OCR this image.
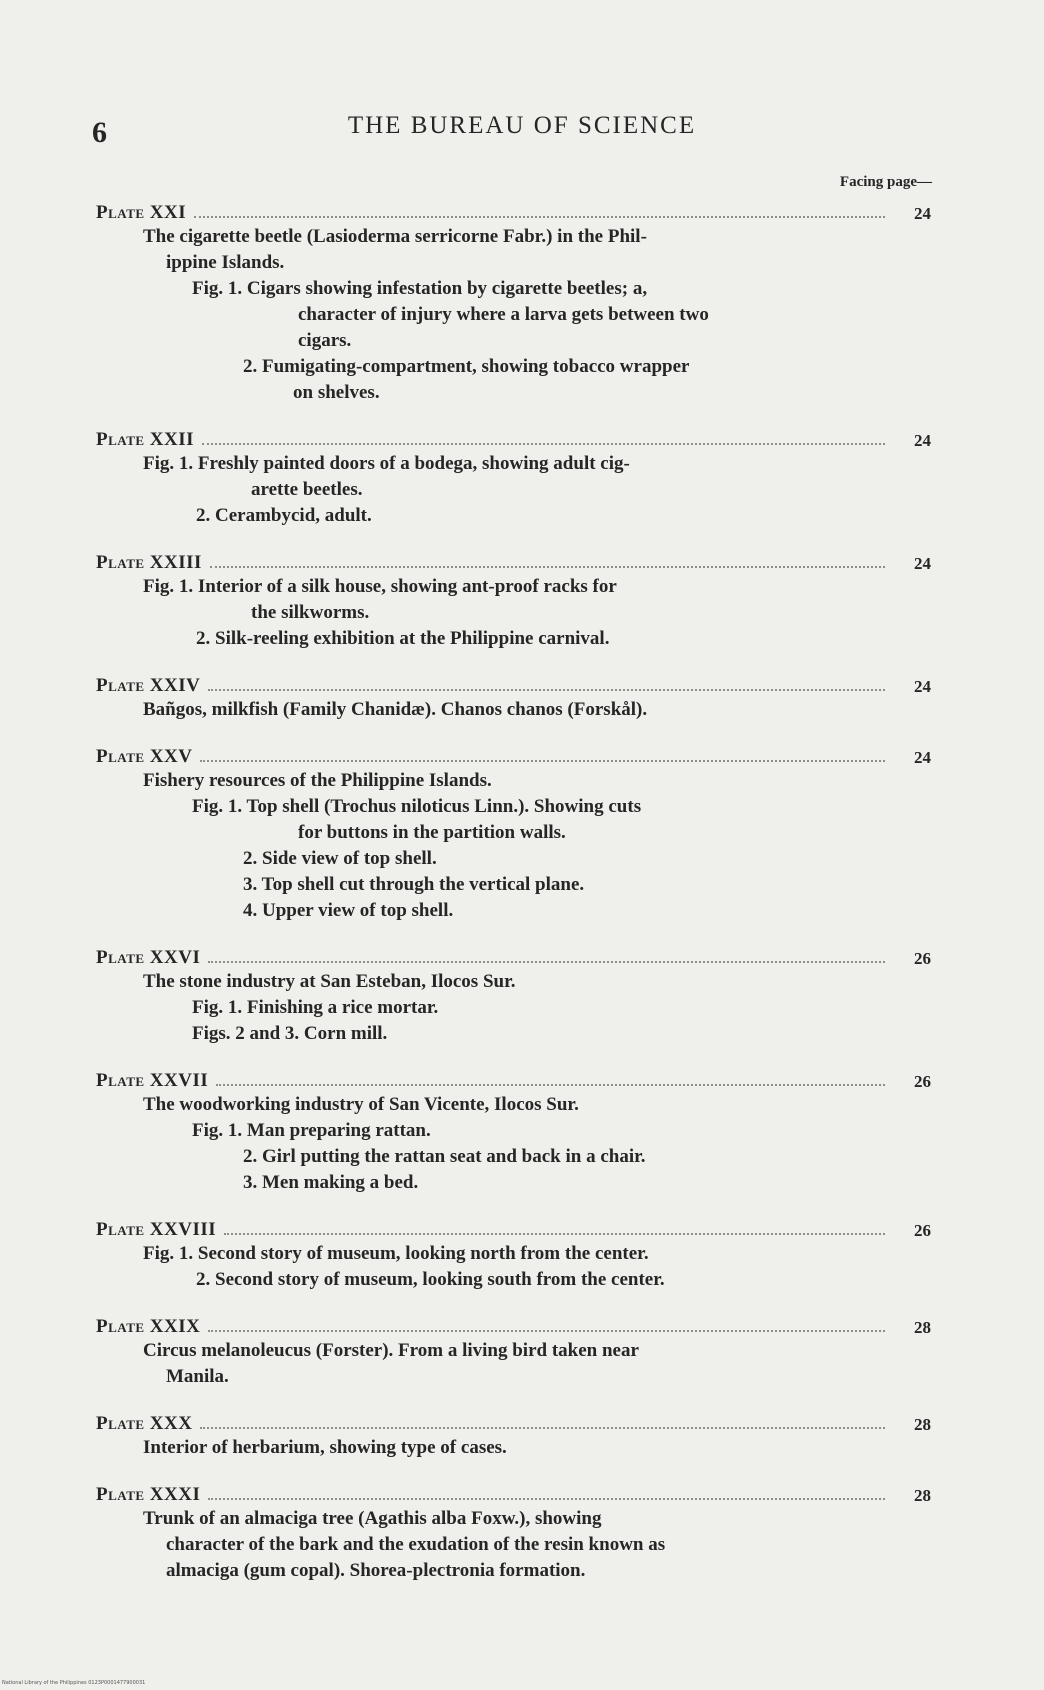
6	THE BUREAU OF SCIENCE
Facing page—
Plate XXI	24
The cigarette beetle (Lasioderma serricorne Fabr.) in the Phil-
ippine Islands.
Fig. 1. Cigars showing infestation by cigarette beetles; a,
character of injury where a larva gets between two
cigars.
2. Fumigating-compartment, showing tobacco wrapper
on shelves.
Plate XXII	24
Fig. 1. Freshly painted doors of a bodega, showing adult cig-
arette beetles.
2. Cerambycid, adult.
Plate XXIII	24
Fig. 1. Interior of a silk house, showing ant-proof racks for
the silkworms.
2. Silk-reeling exhibition at the Philippine carnival.
Plate XXIV	24
Bañgos, milkfish (Family Chanidæ). Chanos chanos (Forskål).
Plate XXV	24
Fishery resources of the Philippine Islands.
Fig. 1. Top shell (Trochus niloticus Linn.). Showing cuts
for buttons in the partition walls.
2. Side view of top shell.
3. Top shell cut through the vertical plane.
4. Upper view of top shell.
Plate XXVI	26
The stone industry at San Esteban, Ilocos Sur.
Fig. 1. Finishing a rice mortar.
Figs. 2 and 3. Corn mill.
Plate XXVII	26
The woodworking industry of San Vicente, Ilocos Sur.
Fig. 1. Man preparing rattan.
2. Girl putting the rattan seat and back in a chair.
3. Men making a bed.
Plate XXVIII	26
Fig. 1. Second story of museum, looking north from the center.
2. Second story of museum, looking south from the center.
Plate XXIX	28
Circus melanoleucus (Forster). From a living bird taken near
Manila.
Plate XXX	28
Interior of herbarium, showing type of cases.
Plate XXXI	28
Trunk of an almaciga tree (Agathis alba Foxw.), showing
character of the bark and the exudation of the resin known as
almaciga (gum copal). Shorea-plectronia formation.
National Library of the Philippines 0123P0001477900031
